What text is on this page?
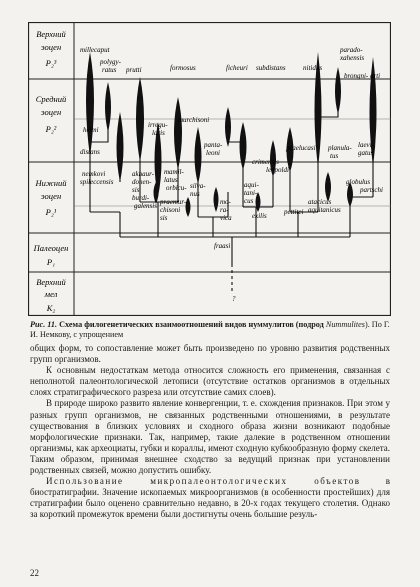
Верхний
эоцен
P₂³
Средний
эоцен
P₂²
Нижний
эоцен
P₂¹
Палеоцен
P₁
Верхний
мел
K₂
millecaput
polygy-
ratus prutti	formosus	ficheuri subdistans nitidus
parado-
xahensis
brongni- arti
helmi
distans
irregu-
laris
murchisoni
panta-
leoni
praelucasi
crimensis
leopoldi
planula-
tus
laevi-
gatus
nemkovi
spileccensis
akhaur-
donen-
sis
burdi-
galensis
mamil-
latus
orbicu-
praemur-
chisoni
sis
silva-
nus
mo-
ra-
vica
aqui-
tani-
cus
exilis pettitei
atacicus
aquitanicus
globulus
partschi
fraasi
?

Рис. 11. Схема филогенетических взаимоотношений видов нуммулитов (подрод Nummulites). По Г. И. Немкову, с упрощением

общих форм, то сопоставление может быть произведено по уровню развития родственных групп организмов.

К основным недостаткам метода относится сложность его применения, связанная с неполнотой палеонтологической летописи (отсутствие остатков организмов в отдельных слоях стратиграфического разреза или отсутствие самих слоев).

В природе широко развито явление конвергенции, т. е. схождения признаков. При этом у разных групп организмов, не связанных родственными отношениями, в результате существования в близких условиях и сходного образа жизни возникают подобные морфологические признаки. Так, например, такие далекие в родственном отношении организмы, как археоциаты, губки и кораллы, имеют сходную кубкообразную форму скелета. Таким образом, принимая внешнее сходство за ведущий признак при установлении родственных связей, можно допустить ошибку.

Использование микропалеонтологических объектов в биостратиграфии. Значение ископаемых микроорганизмов (в особенности простейших) для стратиграфии было оценено сравнительно недавно, в 20-х годах текущего столетия. Однако за короткий промежуток времени были достигнуты очень большие резуль-

22
